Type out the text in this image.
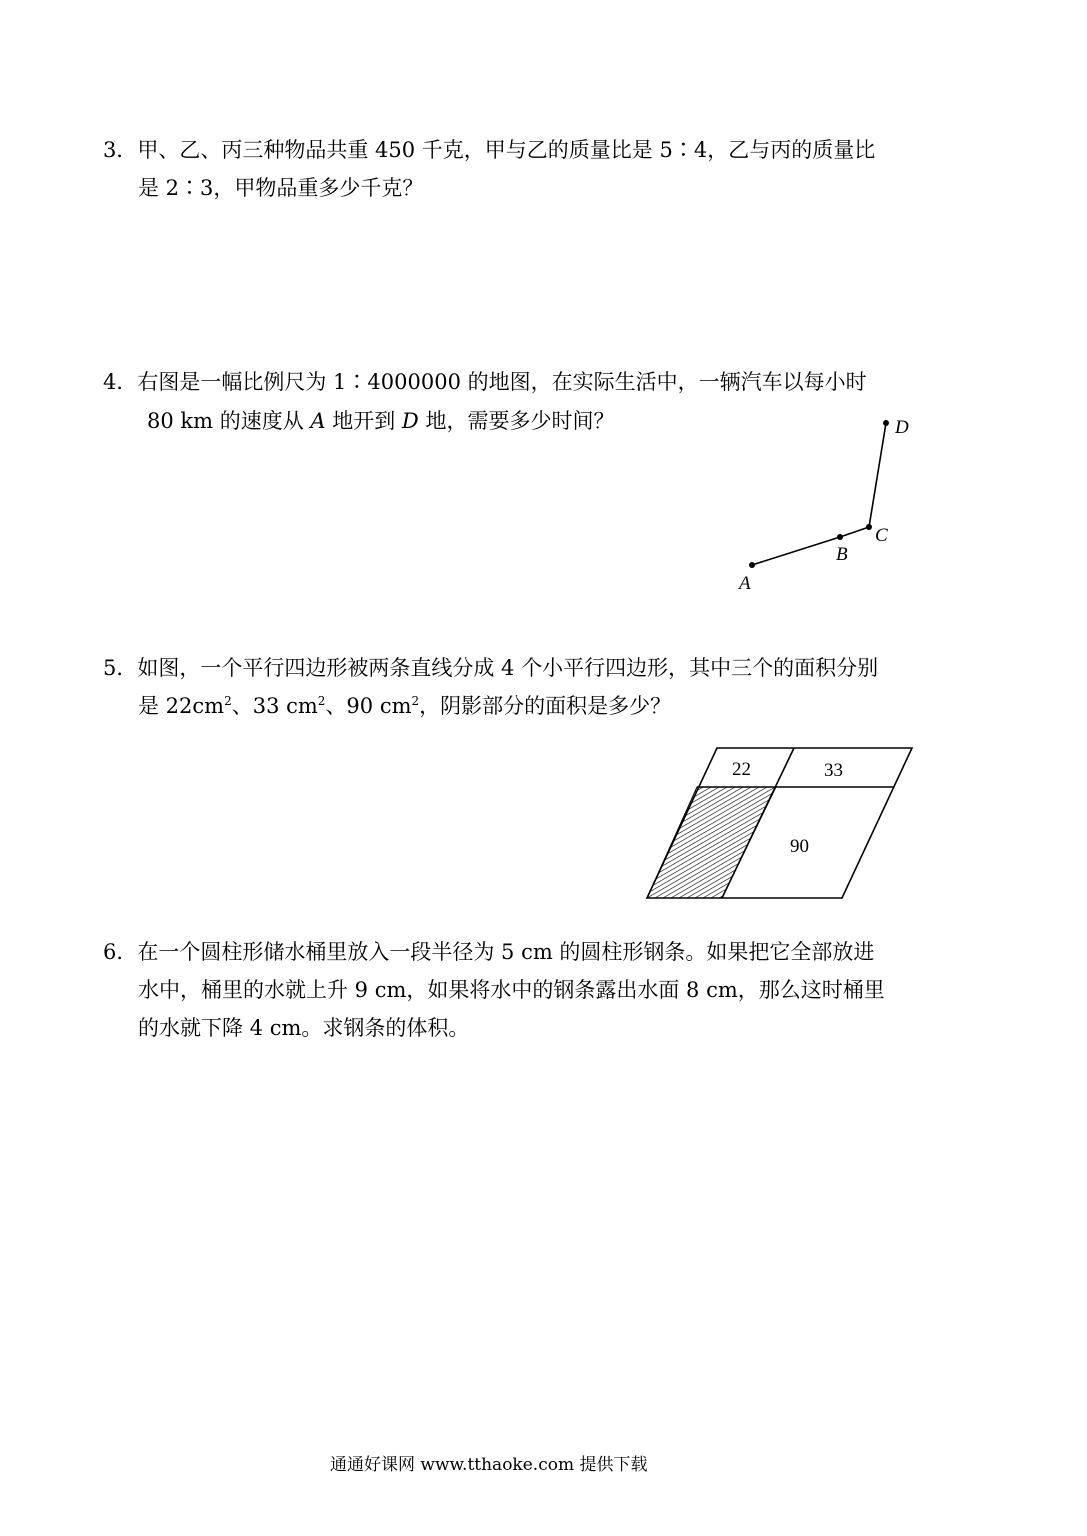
3．甲、乙、丙三种物品共重 450 千克，甲与乙的质量比是 5∶4，乙与丙的质量比
是 2∶3，甲物品重多少千克？
4．右图是一幅比例尺为 1∶4000000 的地图，在实际生活中，一辆汽车以每小时
80 km 的速度从 A 地开到 D 地，需要多少时间？
A
B
C
D
5．如图，一个平行四边形被两条直线分成 4 个小平行四边形，其中三个的面积分别
是 $22cm^2$、33 $cm^2$、90 $cm^2$，阴影部分的面积是多少？
22	33
90
6．在一个圆柱形储水桶里放入一段半径为 5 cm 的圆柱形钢条。如果把它全部放进
水中，桶里的水就上升 9 cm，如果将水中的钢条露出水面 8 cm，那么这时桶里
的水就下降 4 cm。求钢条的体积。
通通好课网 www.tthaoke.com 提供下载
